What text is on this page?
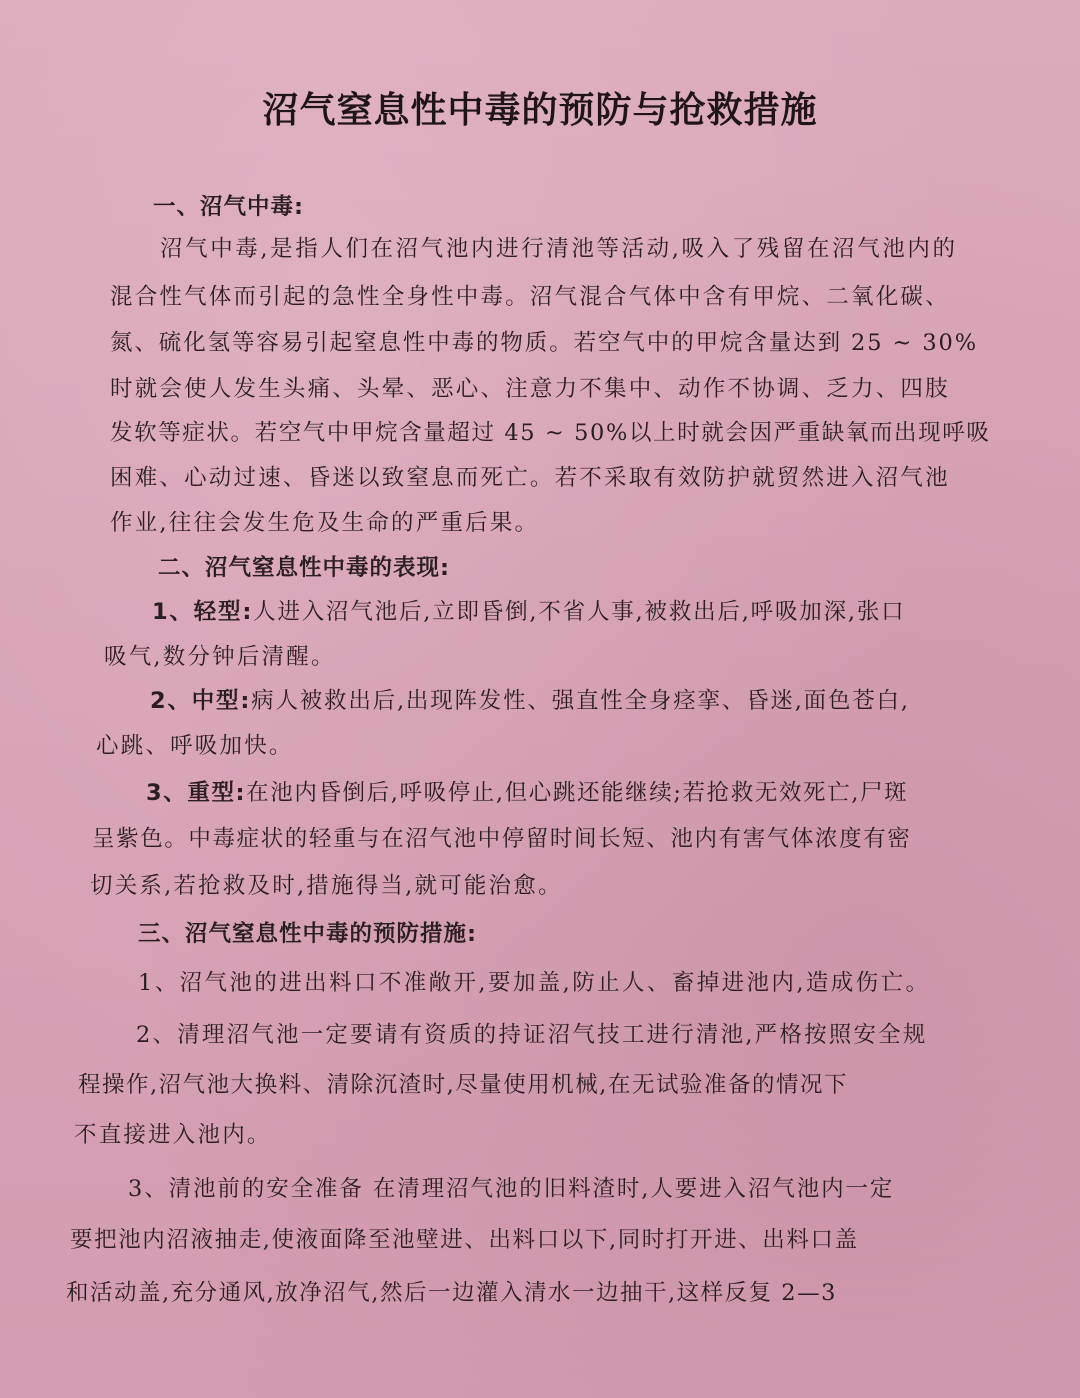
沼气窒息性中毒的预防与抢救措施
一、沼气中毒:
沼气中毒,是指人们在沼气池内进行清池等活动,吸入了残留在沼气池内的
混合性气体而引起的急性全身性中毒。沼气混合气体中含有甲烷、二氧化碳、
氮、硫化氢等容易引起窒息性中毒的物质。若空气中的甲烷含量达到 25 ~ 30%
时就会使人发生头痛、头晕、恶心、注意力不集中、动作不协调、乏力、四肢
发软等症状。若空气中甲烷含量超过 45 ~ 50%以上时就会因严重缺氧而出现呼吸
困难、心动过速、昏迷以致窒息而死亡。若不采取有效防护就贸然进入沼气池
作业,往往会发生危及生命的严重后果。
二、沼气窒息性中毒的表现:
1、轻型:人进入沼气池后,立即昏倒,不省人事,被救出后,呼吸加深,张口
吸气,数分钟后清醒。
2、中型:病人被救出后,出现阵发性、强直性全身痉挛、昏迷,面色苍白,
心跳、呼吸加快。
3、重型:在池内昏倒后,呼吸停止,但心跳还能继续;若抢救无效死亡,尸斑
呈紫色。中毒症状的轻重与在沼气池中停留时间长短、池内有害气体浓度有密
切关系,若抢救及时,措施得当,就可能治愈。
三、沼气窒息性中毒的预防措施:
1、沼气池的进出料口不准敞开,要加盖,防止人、畜掉进池内,造成伤亡。
2、清理沼气池一定要请有资质的持证沼气技工进行清池,严格按照安全规
程操作,沼气池大换料、清除沉渣时,尽量使用机械,在无试验准备的情况下
不直接进入池内。
3、清池前的安全准备 在清理沼气池的旧料渣时,人要进入沼气池内一定
要把池内沼液抽走,使液面降至池壁进、出料口以下,同时打开进、出料口盖
和活动盖,充分通风,放净沼气,然后一边灌入清水一边抽干,这样反复 2—3
